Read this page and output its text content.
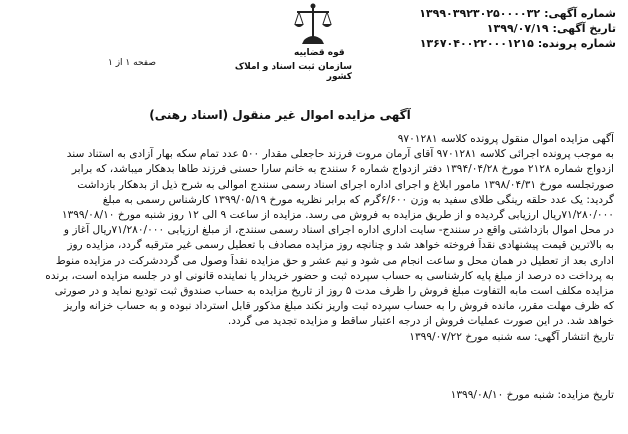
شماره آگهی:۱۳۹۹۰۳۹۲۳۰۲۵۰۰۰۰۳۲
تاریخ آگهی:۱۳۹۹/۰۷/۱۹
شماره پرونده:۱۳۶۷۰۴۰۰۲۲۰۰۰۱۲۱۵
قوه قضاییه
سازمان ثبت اسناد و املاک کشور
صفحه ۱ از ۱
آگهی مزایده اموال غیر منقول (اسناد رهنی)
آگهی مزایده اموال منقول پرونده کلاسه ۹۷۰۱۲۸۱
به موجب پرونده اجرائی کلاسه ۹۷۰۱۲۸۱ آقای آرمان مروت فرزند حاجعلی مقدار ۵۰۰ عدد تمام سکه بهار آزادی به استناد سند
ازدواج شماره ۲۱۲۸ مورخ ۱۳۹۴/۰۴/۲۸ دفتر ازدواج شماره ۶ سنندج به خانم سارا حسنی فرزند طاها بدهکار میباشد، که برابر
صورتجلسه مورخ ۱۳۹۸/۰۴/۳۱ مامور ابلاغ و اجرای اداره اجرای اسناد رسمی سنندج اموالی به شرح ذیل از بدهکار بازداشت
گردید: یک عدد حلقه رینگی طلای سفید به وزن ۶/۶۰۰گرم که برابر نظریه مورخ ۱۳۹۹/۰۵/۱۹ کارشناس رسمی به مبلغ
۷۱/۲۸۰/۰۰۰ریال ارزیابی گردیده و از طریق مزایده به فروش می رسد. مزایده از ساعت ۹ الی ۱۲ روز شنبه مورخ ۱۳۹۹/۰۸/۱۰
در محل اموال بازداشتی واقع در سنندج- سایت اداری اداره اجرای اسناد رسمی سنندج، از مبلغ ارزیابی ۷۱/۲۸۰/۰۰۰ریال آغاز و
به بالاترین قیمت پیشنهادی نقداً فروخته خواهد شد و چنانچه روز مزایده مصادف با تعطیل رسمی غیر مترقبه گردد، مزایده روز
اداری بعد از تعطیل در همان محل و ساعت انجام می شود و نیم عشر و حق مزایده نقداً وصول می گرددشرکت در مزایده منوط
به پرداخت ده درصد از مبلغ پایه کارشناسی به حساب سپرده ثبت و حضور خریدار یا نماینده قانونی او در جلسه مزایده است، برنده
مزایده مکلف است مابه التفاوت مبلغ فروش را ظرف مدت ۵ روز از تاریخ مزایده به حساب صندوق ثبت تودیع نماید و در صورتی
که ظرف مهلت مقرر، مانده فروش را به حساب سپرده ثبت واریز نکند مبلغ مذکور قابل استرداد نبوده و به حساب خزانه واریز
خواهد شد. در این صورت عملیات فروش از درجه اعتبار ساقط و مزایده تجدید می گردد.
تاریخ انتشار آگهی: سه شنبه مورخ ۱۳۹۹/۰۷/۲۲
تاریخ مزایده: شنبه مورخ ۱۳۹۹/۰۸/۱۰
